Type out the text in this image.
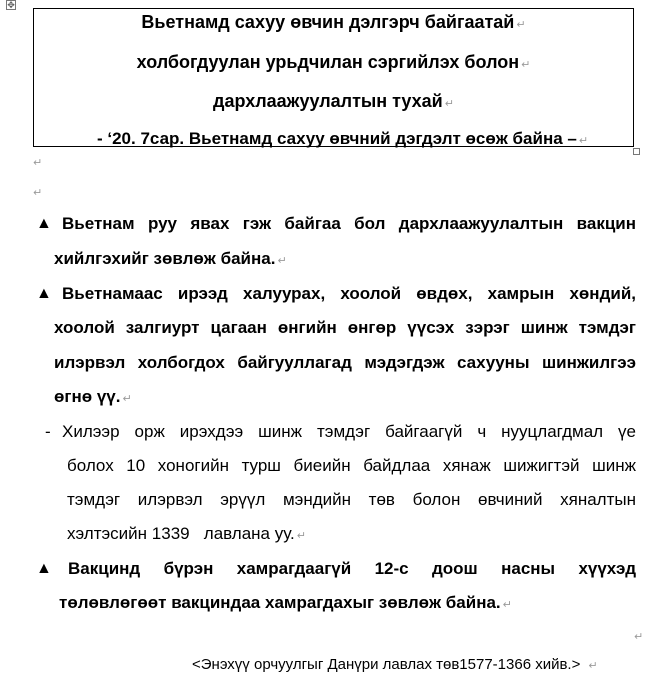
✥
Вьетнамд сахуу өвчин дэлгэрч байгаатай ↵
холбогдуулан урьдчилан сэргийлэх болон ↵
дархлаажуулалтын тухай ↵
- ‘20. 7сар. Вьетнамд сахуу өвчний дэгдэлт өсөж байна – ↵
↵
↵
▲ Вьетнам руу явах гэж байгаа бол дархлаажуулалтын вакцин
хийлгэхийг зөвлөж байна. ↵
▲ Вьетнамаас ирээд халуурах, хоолой өвдөх, хамрын хөндий,
хоолой залгиурт цагаан өнгийн өнгөр үүсэх зэрэг шинж тэмдэг
илэрвэл холбогдох байгууллагад мэдэгдэж сахууны шинжилгээ
өгнө үү. ↵
- Хилээр орж ирэхдээ шинж тэмдэг байгаагүй ч нууцлагдмал үе
болох 10 хоногийн турш биеийн байдлаа хянаж шижигтэй шинж
тэмдэг илэрвэл эрүүл мэндийн төв болон өвчиний хяналтын
хэлтэсийн 1339   лавлана уу. ↵
▲ Вакцинд бүрэн хамрагдаагүй 12-с доош насны хүүхэд
төлөвлөгөөт вакциндаа хамрагдахыг зөвлөж байна. ↵
↵
<Энэхүү орчуулгыг Данүри лавлах төв1577-1366 хийв.> ↵
